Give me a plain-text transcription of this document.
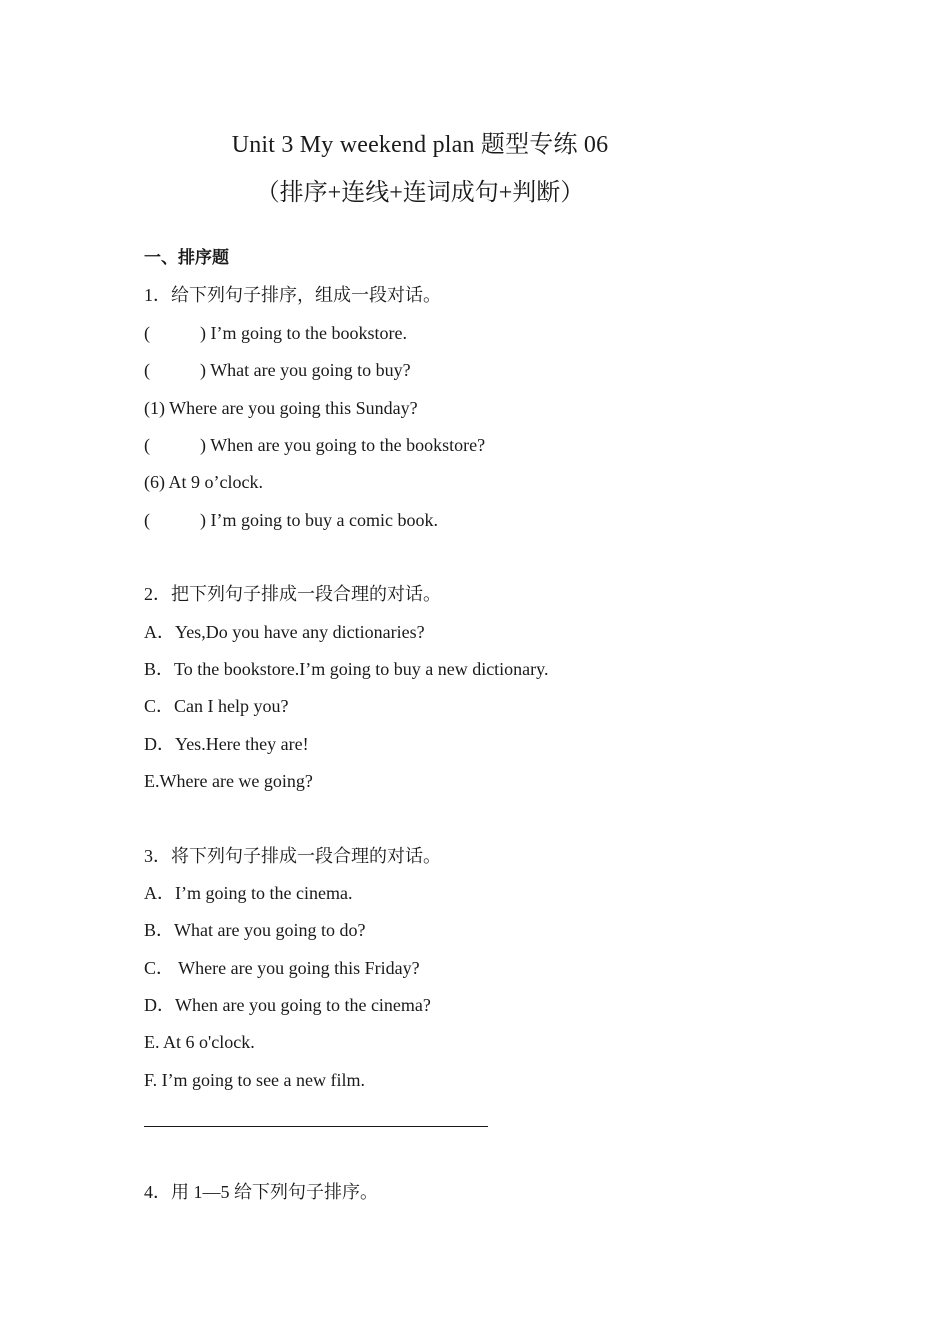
Unit 3 My weekend plan 题型专练 06
（排序+连线+连词成句+判断）
一、排序题
1．给下列句子排序，组成一段对话。
(	) I’m going to the bookstore.
(	) What are you going to buy?
(1) Where are you going this Sunday?
(	) When are you going to the bookstore?
(6) At 9 o’clock.
(	) I’m going to buy a comic book.
2．把下列句子排成一段合理的对话。
A．Yes,Do you have any dictionaries?
B．To the bookstore.I’m going to buy a new dictionary.
C．Can I help you?
D．Yes.Here they are!
E.Where are we going?
3．将下列句子排成一段合理的对话。
A．I’m going to the cinema.
B．What are you going to do?
C． Where are you going this Friday?
D．When are you going to the cinema?
E. At 6 o'clock.
F. I’m going to see a new film.
4．用 1—5 给下列句子排序。
